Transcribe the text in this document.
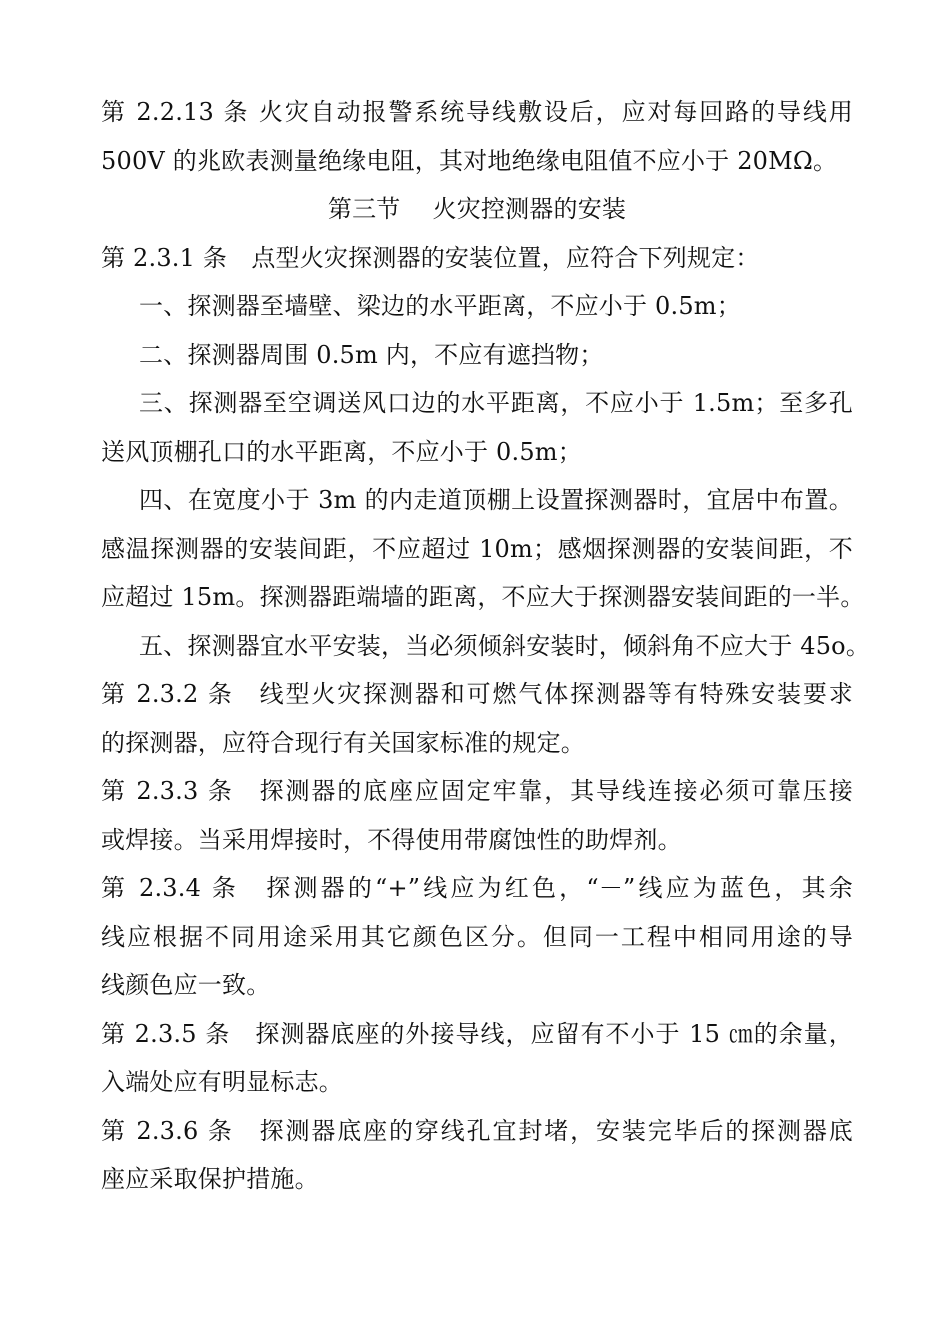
第 2.2.13 条 火灾自动报警系统导线敷设后，应对每回路的导线用
500V 的兆欧表测量绝缘电阻，其对地绝缘电阻值不应小于 20MΩ。
第三节　 火灾控测器的安装
第 2.3.1 条　点型火灾探测器的安装位置，应符合下列规定：
一、探测器至墙壁、梁边的水平距离，不应小于 0.5m；
二、探测器周围 0.5m 内，不应有遮挡物；
三、探测器至空调送风口边的水平距离，不应小于 1.5m；至多孔
送风顶棚孔口的水平距离，不应小于 0.5m；
四、在宽度小于 3m 的内走道顶棚上设置探测器时，宜居中布置。
感温探测器的安装间距，不应超过 10m；感烟探测器的安装间距，不
应超过 15m。探测器距端墙的距离，不应大于探测器安装间距的一半。
五、探测器宜水平安装，当必须倾斜安装时，倾斜角不应大于 45o。
第 2.3.2 条　线型火灾探测器和可燃气体探测器等有特殊安装要求
的探测器，应符合现行有关国家标准的规定。
第 2.3.3 条　探测器的底座应固定牢靠，其导线连接必须可靠压接
或焊接。当采用焊接时，不得使用带腐蚀性的助焊剂。
第 2.3.4 条　探测器的“+”线应为红色，“－”线应为蓝色，其余
线应根据不同用途采用其它颜色区分。但同一工程中相同用途的导
线颜色应一致。
第 2.3.5 条　探测器底座的外接导线，应留有不小于 15 ㎝的余量，
入端处应有明显标志。
第 2.3.6 条　探测器底座的穿线孔宜封堵，安装完毕后的探测器底
座应采取保护措施。
